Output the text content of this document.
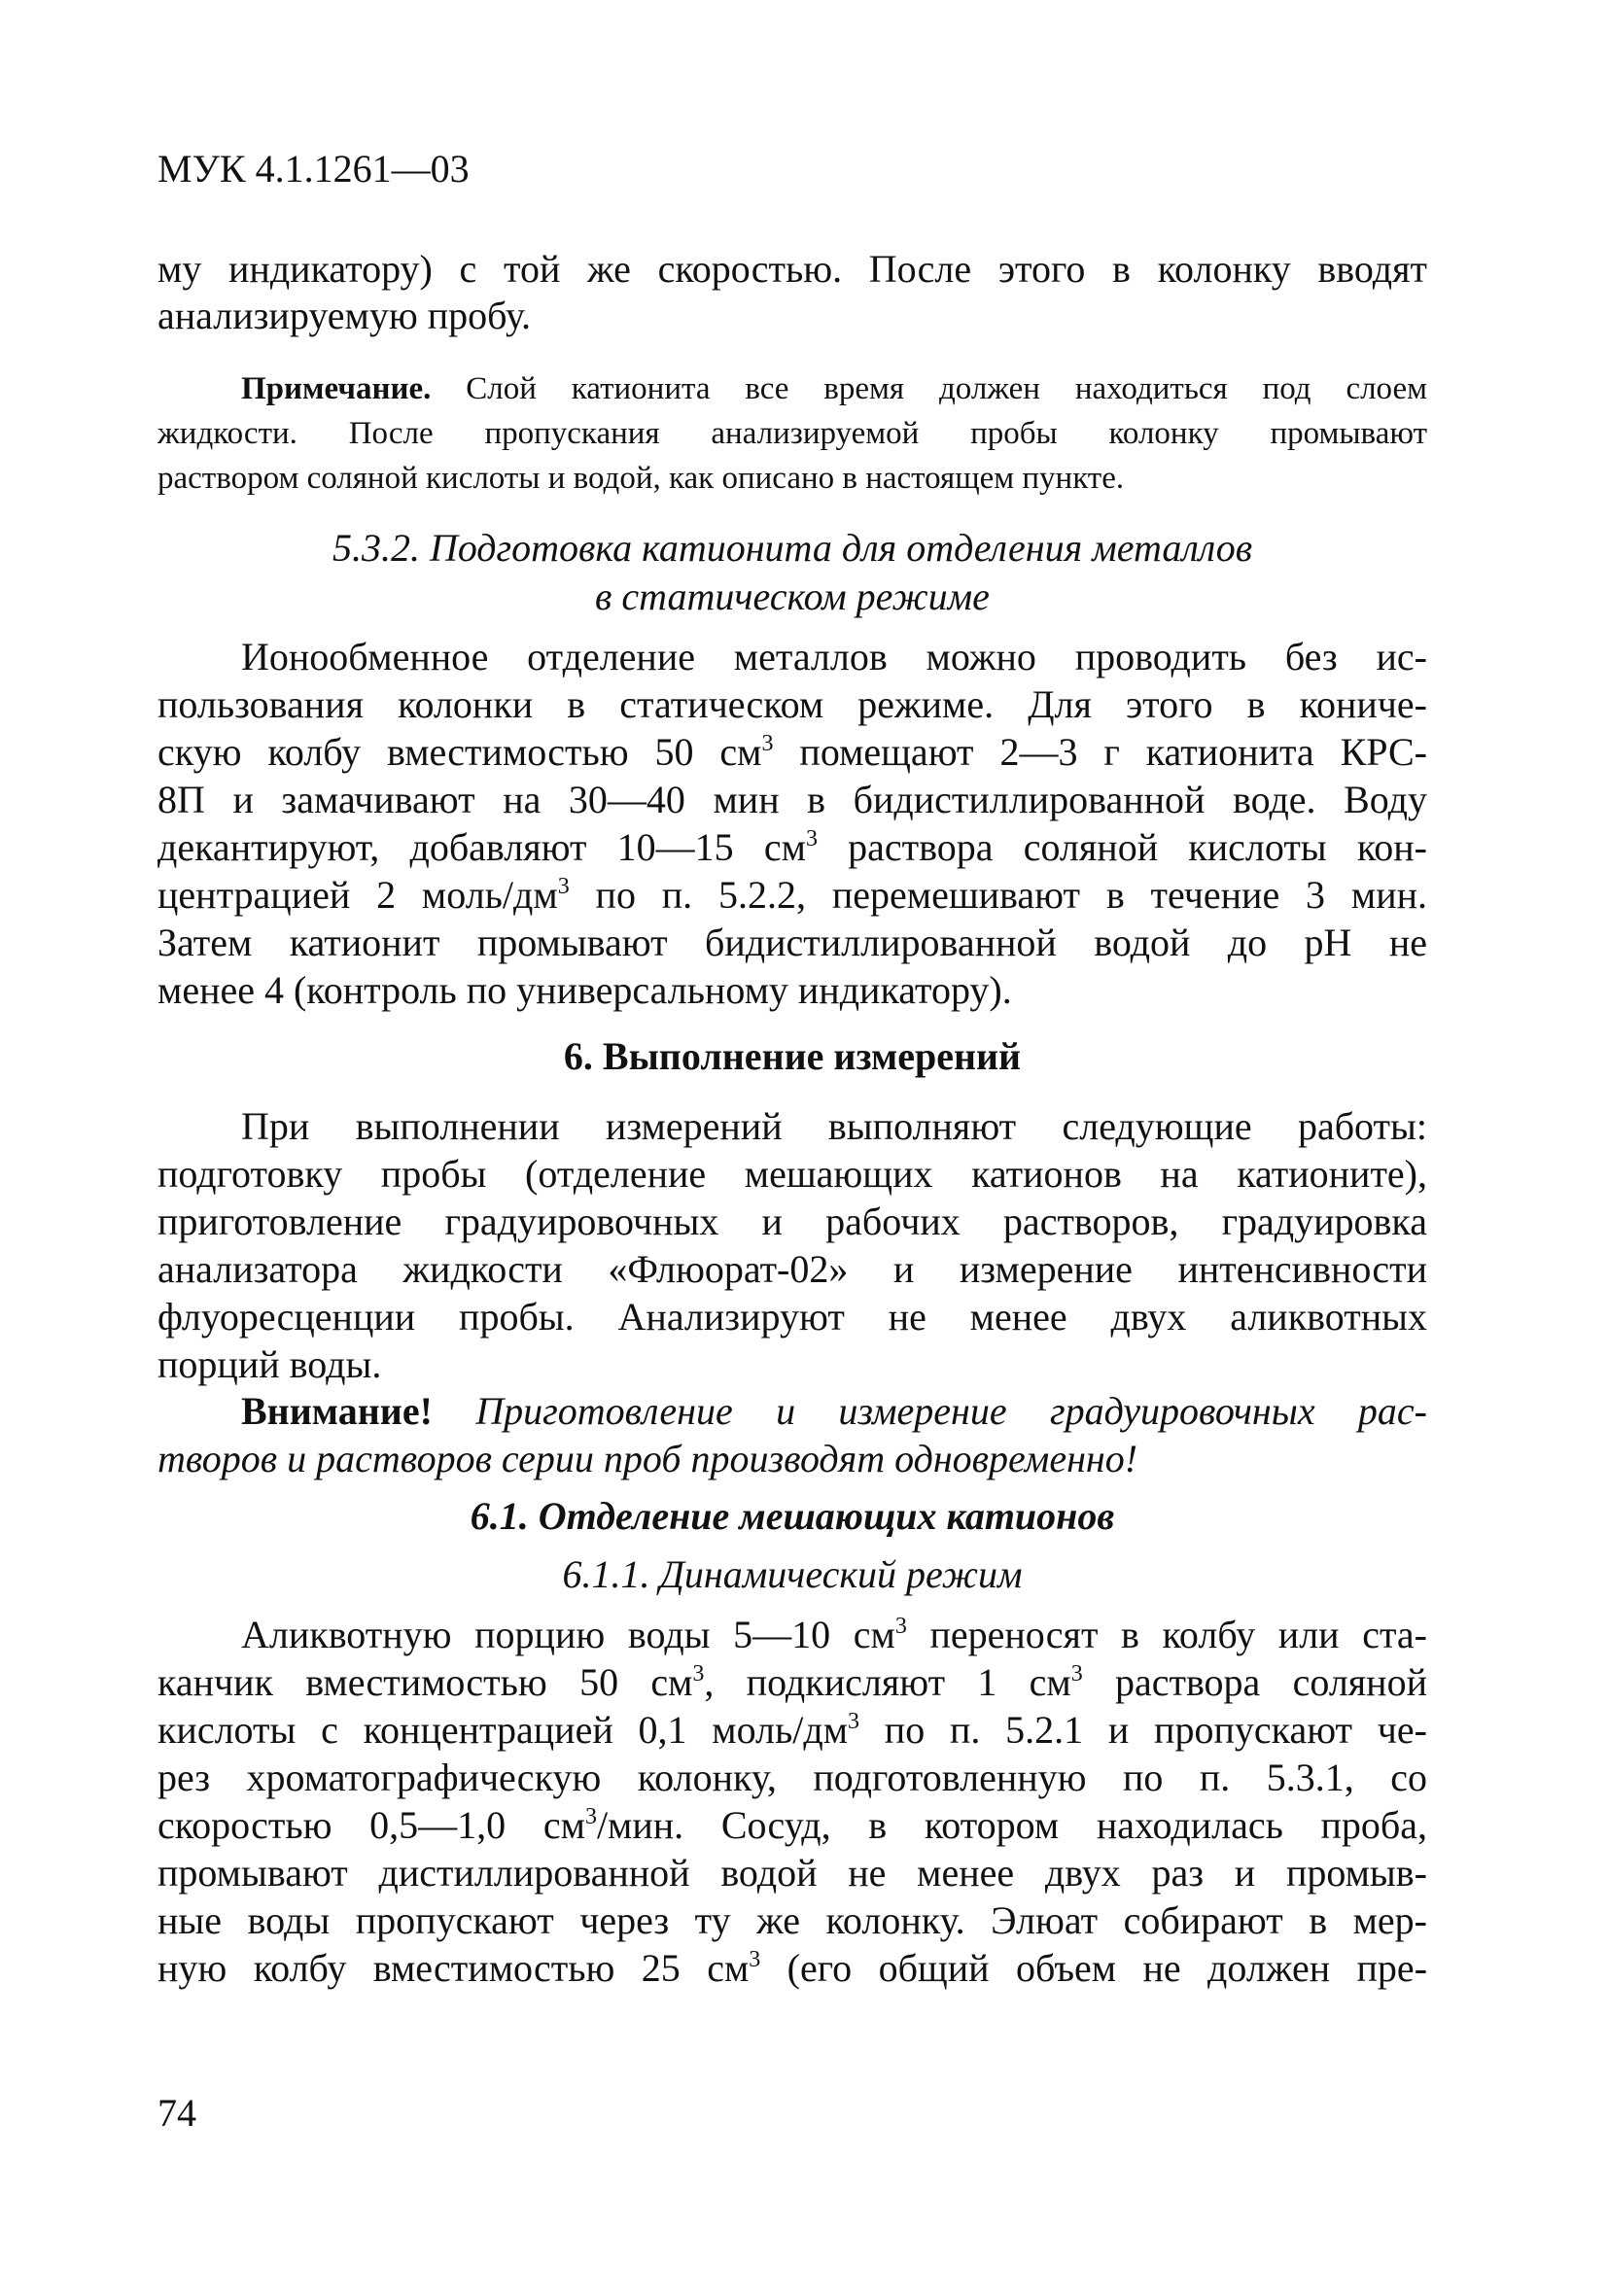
МУК 4.1.1261—03
му индикатору) с той же скоростью. После этого в колонку вводят
анализируемую пробу.
Примечание. Слой катионита все время должен находиться под слоем
жидкости. После пропускания анализируемой пробы колонку промывают
раствором соляной кислоты и водой, как описано в настоящем пункте.
5.3.2. Подготовка катионита для отделения металлов
в статическом режиме
Ионообменное отделение металлов можно проводить без ис-
пользования колонки в статическом режиме. Для этого в кониче-
скую колбу вместимостью 50 $см^3$ помещают 2—3 г катионита КРС-
8П и замачивают на 30—40 мин в бидистиллированной воде. Воду
декантируют, добавляют 10—15 $см^3$ раствора соляной кислоты кон-
центрацией 2 моль/$дм^3$ по п. 5.2.2, перемешивают в течение 3 мин.
Затем катионит промывают бидистиллированной водой до pH не
менее 4 (контроль по универсальному индикатору).
6. Выполнение измерений
При выполнении измерений выполняют следующие работы:
подготовку пробы (отделение мешающих катионов на катионите),
приготовление градуировочных и рабочих растворов, градуировка
анализатора жидкости «Флюорат-02» и измерение интенсивности
флуоресценции пробы. Анализируют не менее двух аликвотных
порций воды.
Внимание! Приготовление и измерение градуировочных рас-
творов и растворов серии проб производят одновременно!
6.1. Отделение мешающих катионов
6.1.1. Динамический режим
Аликвотную порцию воды 5—10 $см^3$ переносят в колбу или ста-
канчик вместимостью 50 $см^3$, подкисляют 1 $см^3$ раствора соляной
кислоты с концентрацией 0,1 моль/$дм^3$ по п. 5.2.1 и пропускают че-
рез хроматографическую колонку, подготовленную по п. 5.3.1, со
скоростью 0,5—1,0 $см^3$/мин. Сосуд, в котором находилась проба,
промывают дистиллированной водой не менее двух раз и промыв-
ные воды пропускают через ту же колонку. Элюат собирают в мер-
ную колбу вместимостью 25 $см^3$ (его общий объем не должен пре-
74
